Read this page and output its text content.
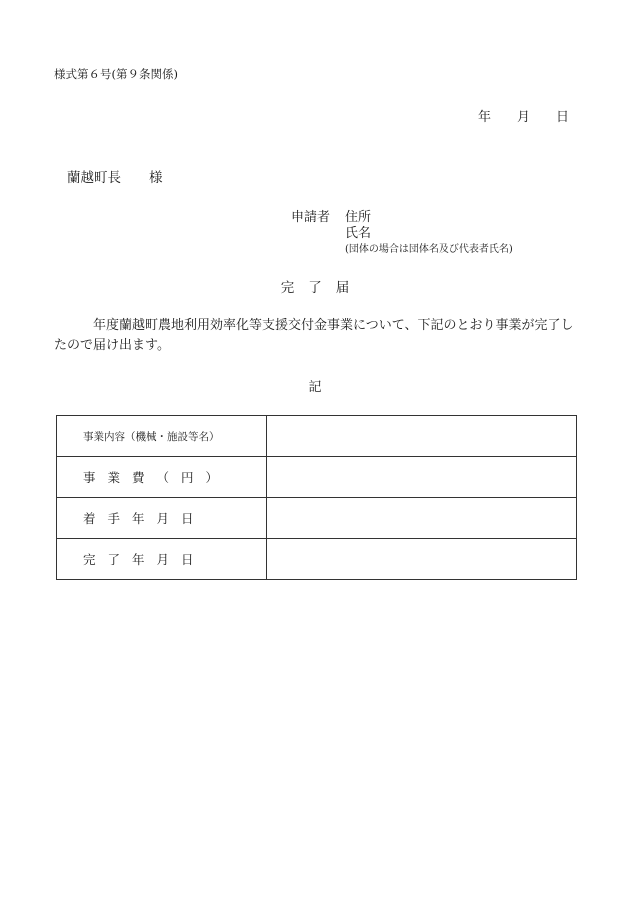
様式第６号(第９条関係)
年 月 日
蘭越町長 様
申請者 住所
氏名
(団体の場合は団体名及び代表者氏名)
完了届
年度蘭越町農地利用効率化等支援交付金事業について、下記のとおり事業が完了したので届け出ます。
記
事業内容（機械・施設等名）	
事業費（円）	
着手年月日	
完了年月日	
